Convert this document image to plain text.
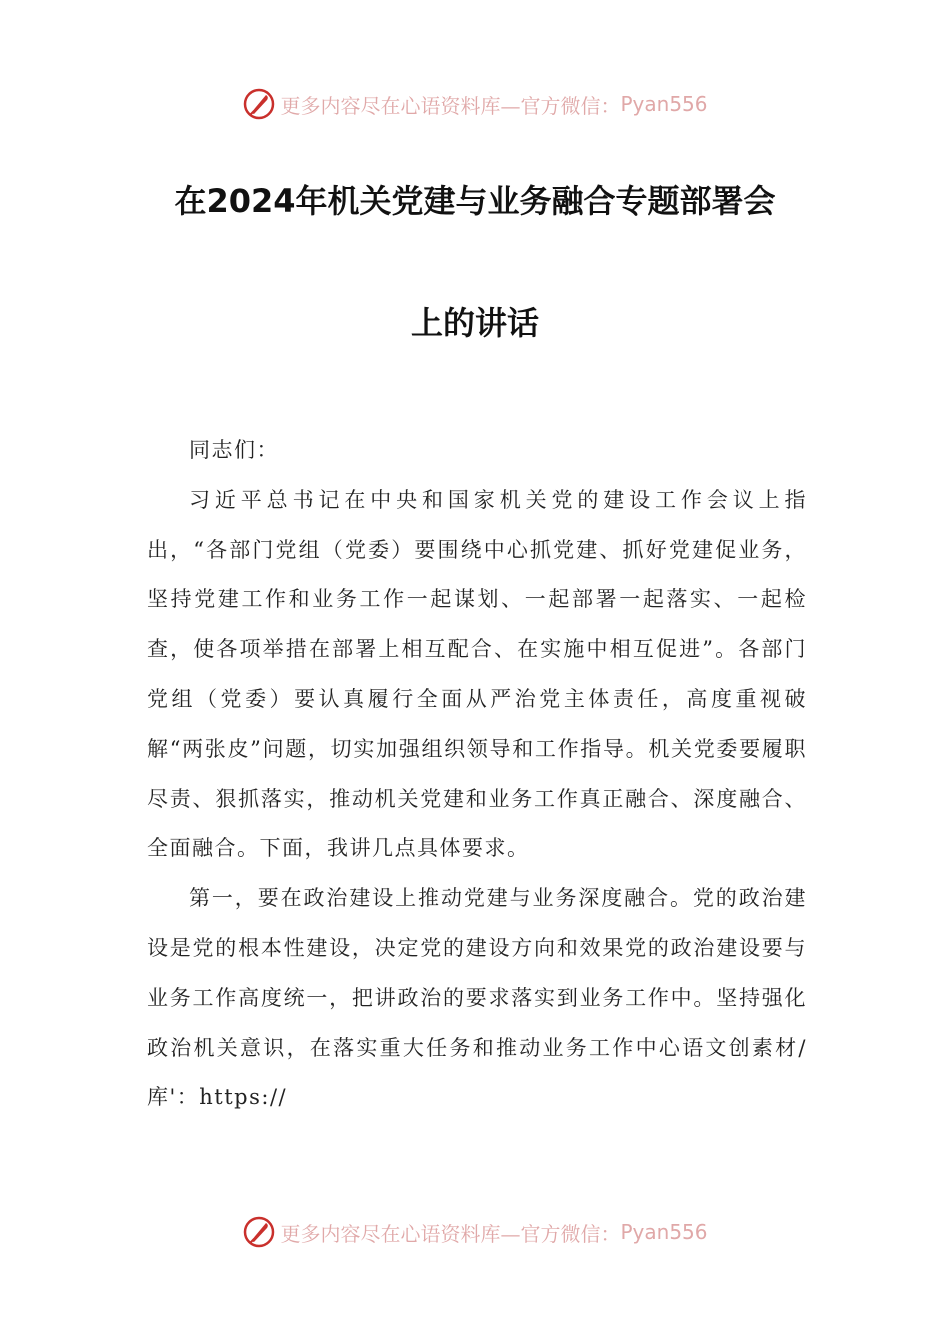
更多内容尽在心语资料库—官方微信： Pyan556
在2024年机关党建与业务融合专题部署会
上的讲话

同志们：

习近平总书记在中央和国家机关党的建设工作会议上指出，“各部门党组（党委）要围绕中心抓党建、抓好党建促业务，坚持党建工作和业务工作一起谋划、一起部署一起落实、一起检查，使各项举措在部署上相互配合、在实施中相互促进”。各部门党组（党委）要认真履行全面从严治党主体责任，高度重视破解“两张皮”问题，切实加强组织领导和工作指导。机关党委要履职尽责、狠抓落实，推动机关党建和业务工作真正融合、深度融合、全面融合。下面，我讲几点具体要求。

第一，要在政治建设上推动党建与业务深度融合。党的政治建设是党的根本性建设，决定党的建设方向和效果党的政治建设要与业务工作高度统一，把讲政治的要求落实到业务工作中。坚持强化政治机关意识，在落实重大任务和推动业务工作中心语文创素材/库'：https://

更多内容尽在心语资料库—官方微信： Pyan556
